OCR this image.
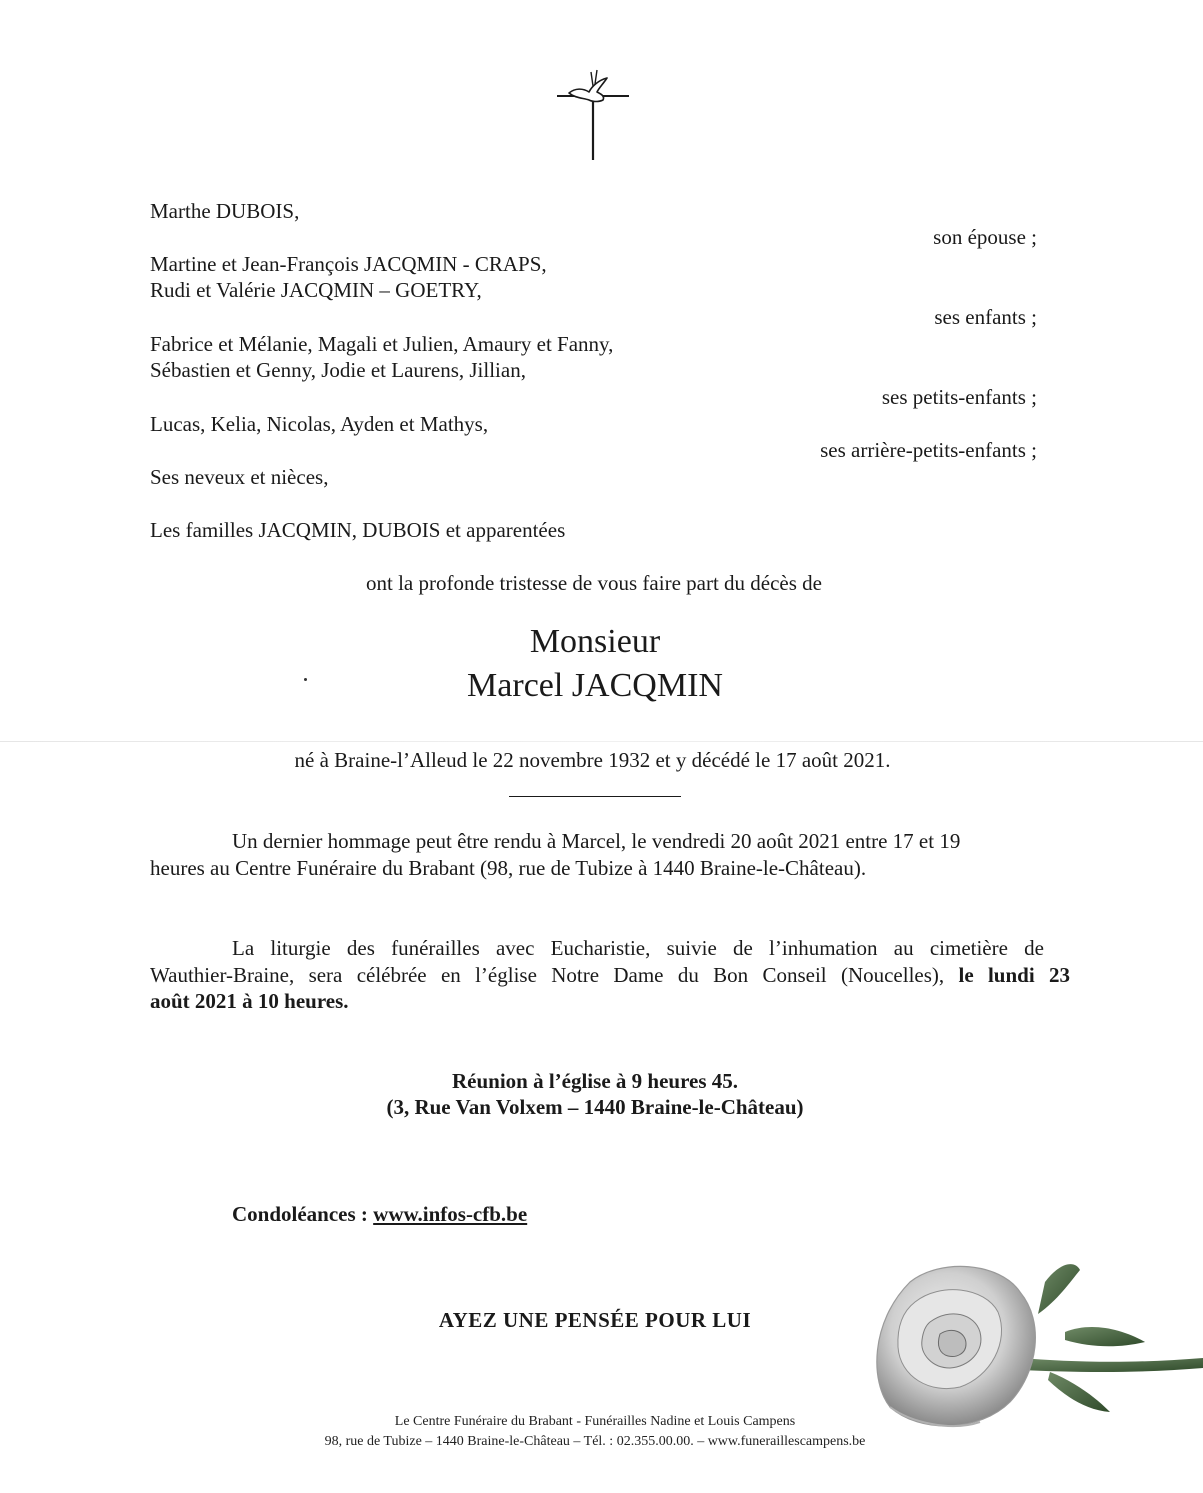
Marthe DUBOIS,
son épouse ;
Martine et Jean-François JACQMIN - CRAPS,
Rudi et Valérie JACQMIN – GOETRY,
ses enfants ;
Fabrice et Mélanie, Magali et Julien, Amaury et Fanny,
Sébastien et Genny, Jodie et Laurens, Jillian,
ses petits-enfants ;
Lucas, Kelia, Nicolas, Ayden et Mathys,
ses arrière-petits-enfants ;
Ses neveux et nièces,
Les familles JACQMIN, DUBOIS et apparentées
ont la profonde tristesse de vous faire part du décès de
Monsieur
Marcel JACQMIN
né à Braine-l’Alleud le 22 novembre 1932 et y décédé le 17 août 2021.
Un dernier hommage peut être rendu à Marcel, le vendredi 20 août 2021 entre 17 et 19
heures au Centre Funéraire du Brabant (98, rue de Tubize à 1440 Braine-le-Château).
La liturgie des funérailles avec Eucharistie, suivie de l’inhumation au cimetière de
Wauthier-Braine, sera célébrée en l’église Notre Dame du Bon Conseil (Noucelles), le lundi 23
août 2021 à 10 heures.
Réunion à l’église à 9 heures 45.
(3, Rue Van Volxem – 1440 Braine-le-Château)
Condoléances : www.infos-cfb.be
AYEZ UNE PENSÉE POUR LUI
Le Centre Funéraire du Brabant - Funérailles Nadine et Louis Campens
98, rue de Tubize – 1440 Braine-le-Château – Tél. : 02.355.00.00. – www.funeraillescampens.be
